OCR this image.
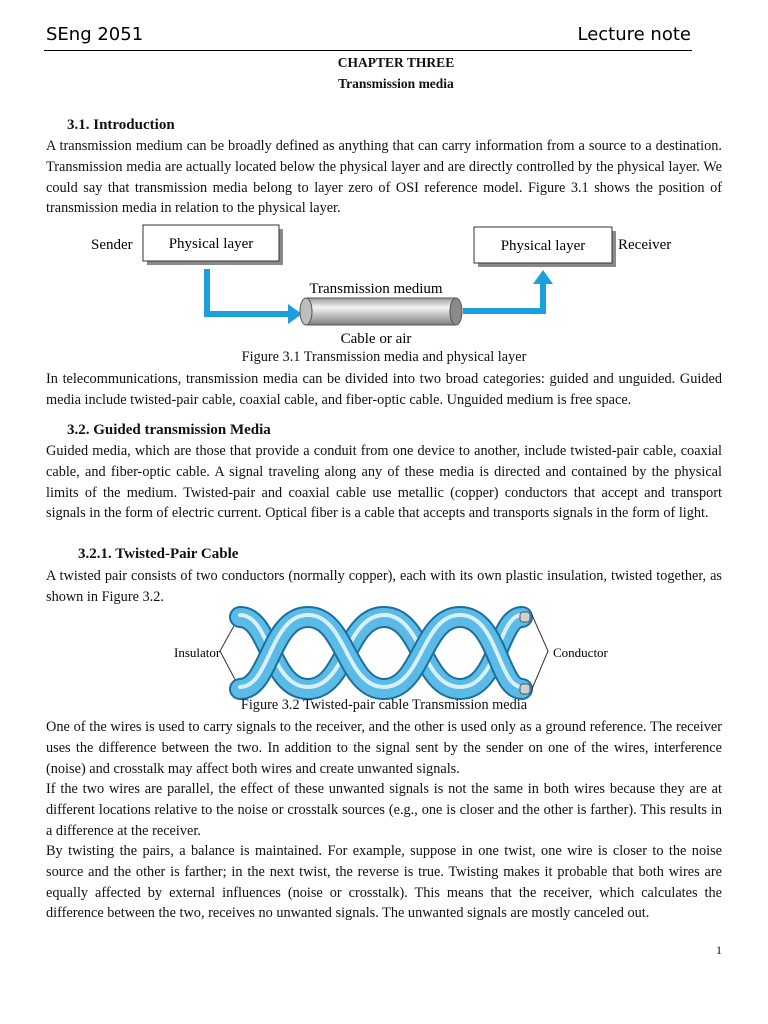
SEng 2051	Lecture note
CHAPTER THREE
Transmission media
3.1. Introduction
A transmission medium can be broadly defined as anything that can carry information from a source to a destination. Transmission media are actually located below the physical layer and are directly controlled by the physical layer. We could say that transmission media belong to layer zero of OSI reference model. Figure 3.1 shows the position of transmission media in relation to the physical layer.
Sender Physical layer	Physical layer Receiver
Transmission medium
Cable or air
Figure 3.1 Transmission media and physical layer
In telecommunications, transmission media can be divided into two broad categories: guided and unguided. Guided media include twisted-pair cable, coaxial cable, and fiber-optic cable. Unguided medium is free space.
3.2. Guided transmission Media
Guided media, which are those that provide a conduit from one device to another, include twisted-pair cable, coaxial cable, and fiber-optic cable. A signal traveling along any of these media is directed and contained by the physical limits of the medium. Twisted-pair and coaxial cable use metallic (copper) conductors that accept and transport signals in the form of electric current. Optical fiber is a cable that accepts and transports signals in the form of light.
3.2.1. Twisted-Pair Cable
A twisted pair consists of two conductors (normally copper), each with its own plastic insulation, twisted together, as shown in Figure 3.2.
Insulator	Conductor
Figure 3.2 Twisted-pair cable Transmission media
One of the wires is used to carry signals to the receiver, and the other is used only as a ground reference. The receiver uses the difference between the two. In addition to the signal sent by the sender on one of the wires, interference (noise) and crosstalk may affect both wires and create unwanted signals.
If the two wires are parallel, the effect of these unwanted signals is not the same in both wires because they are at different locations relative to the noise or crosstalk sources (e.g., one is closer and the other is farther). This results in a difference at the receiver.
By twisting the pairs, a balance is maintained. For example, suppose in one twist, one wire is closer to the noise source and the other is farther; in the next twist, the reverse is true. Twisting makes it probable that both wires are equally affected by external influences (noise or crosstalk). This means that the receiver, which calculates the difference between the two, receives no unwanted signals. The unwanted signals are mostly canceled out.
1
